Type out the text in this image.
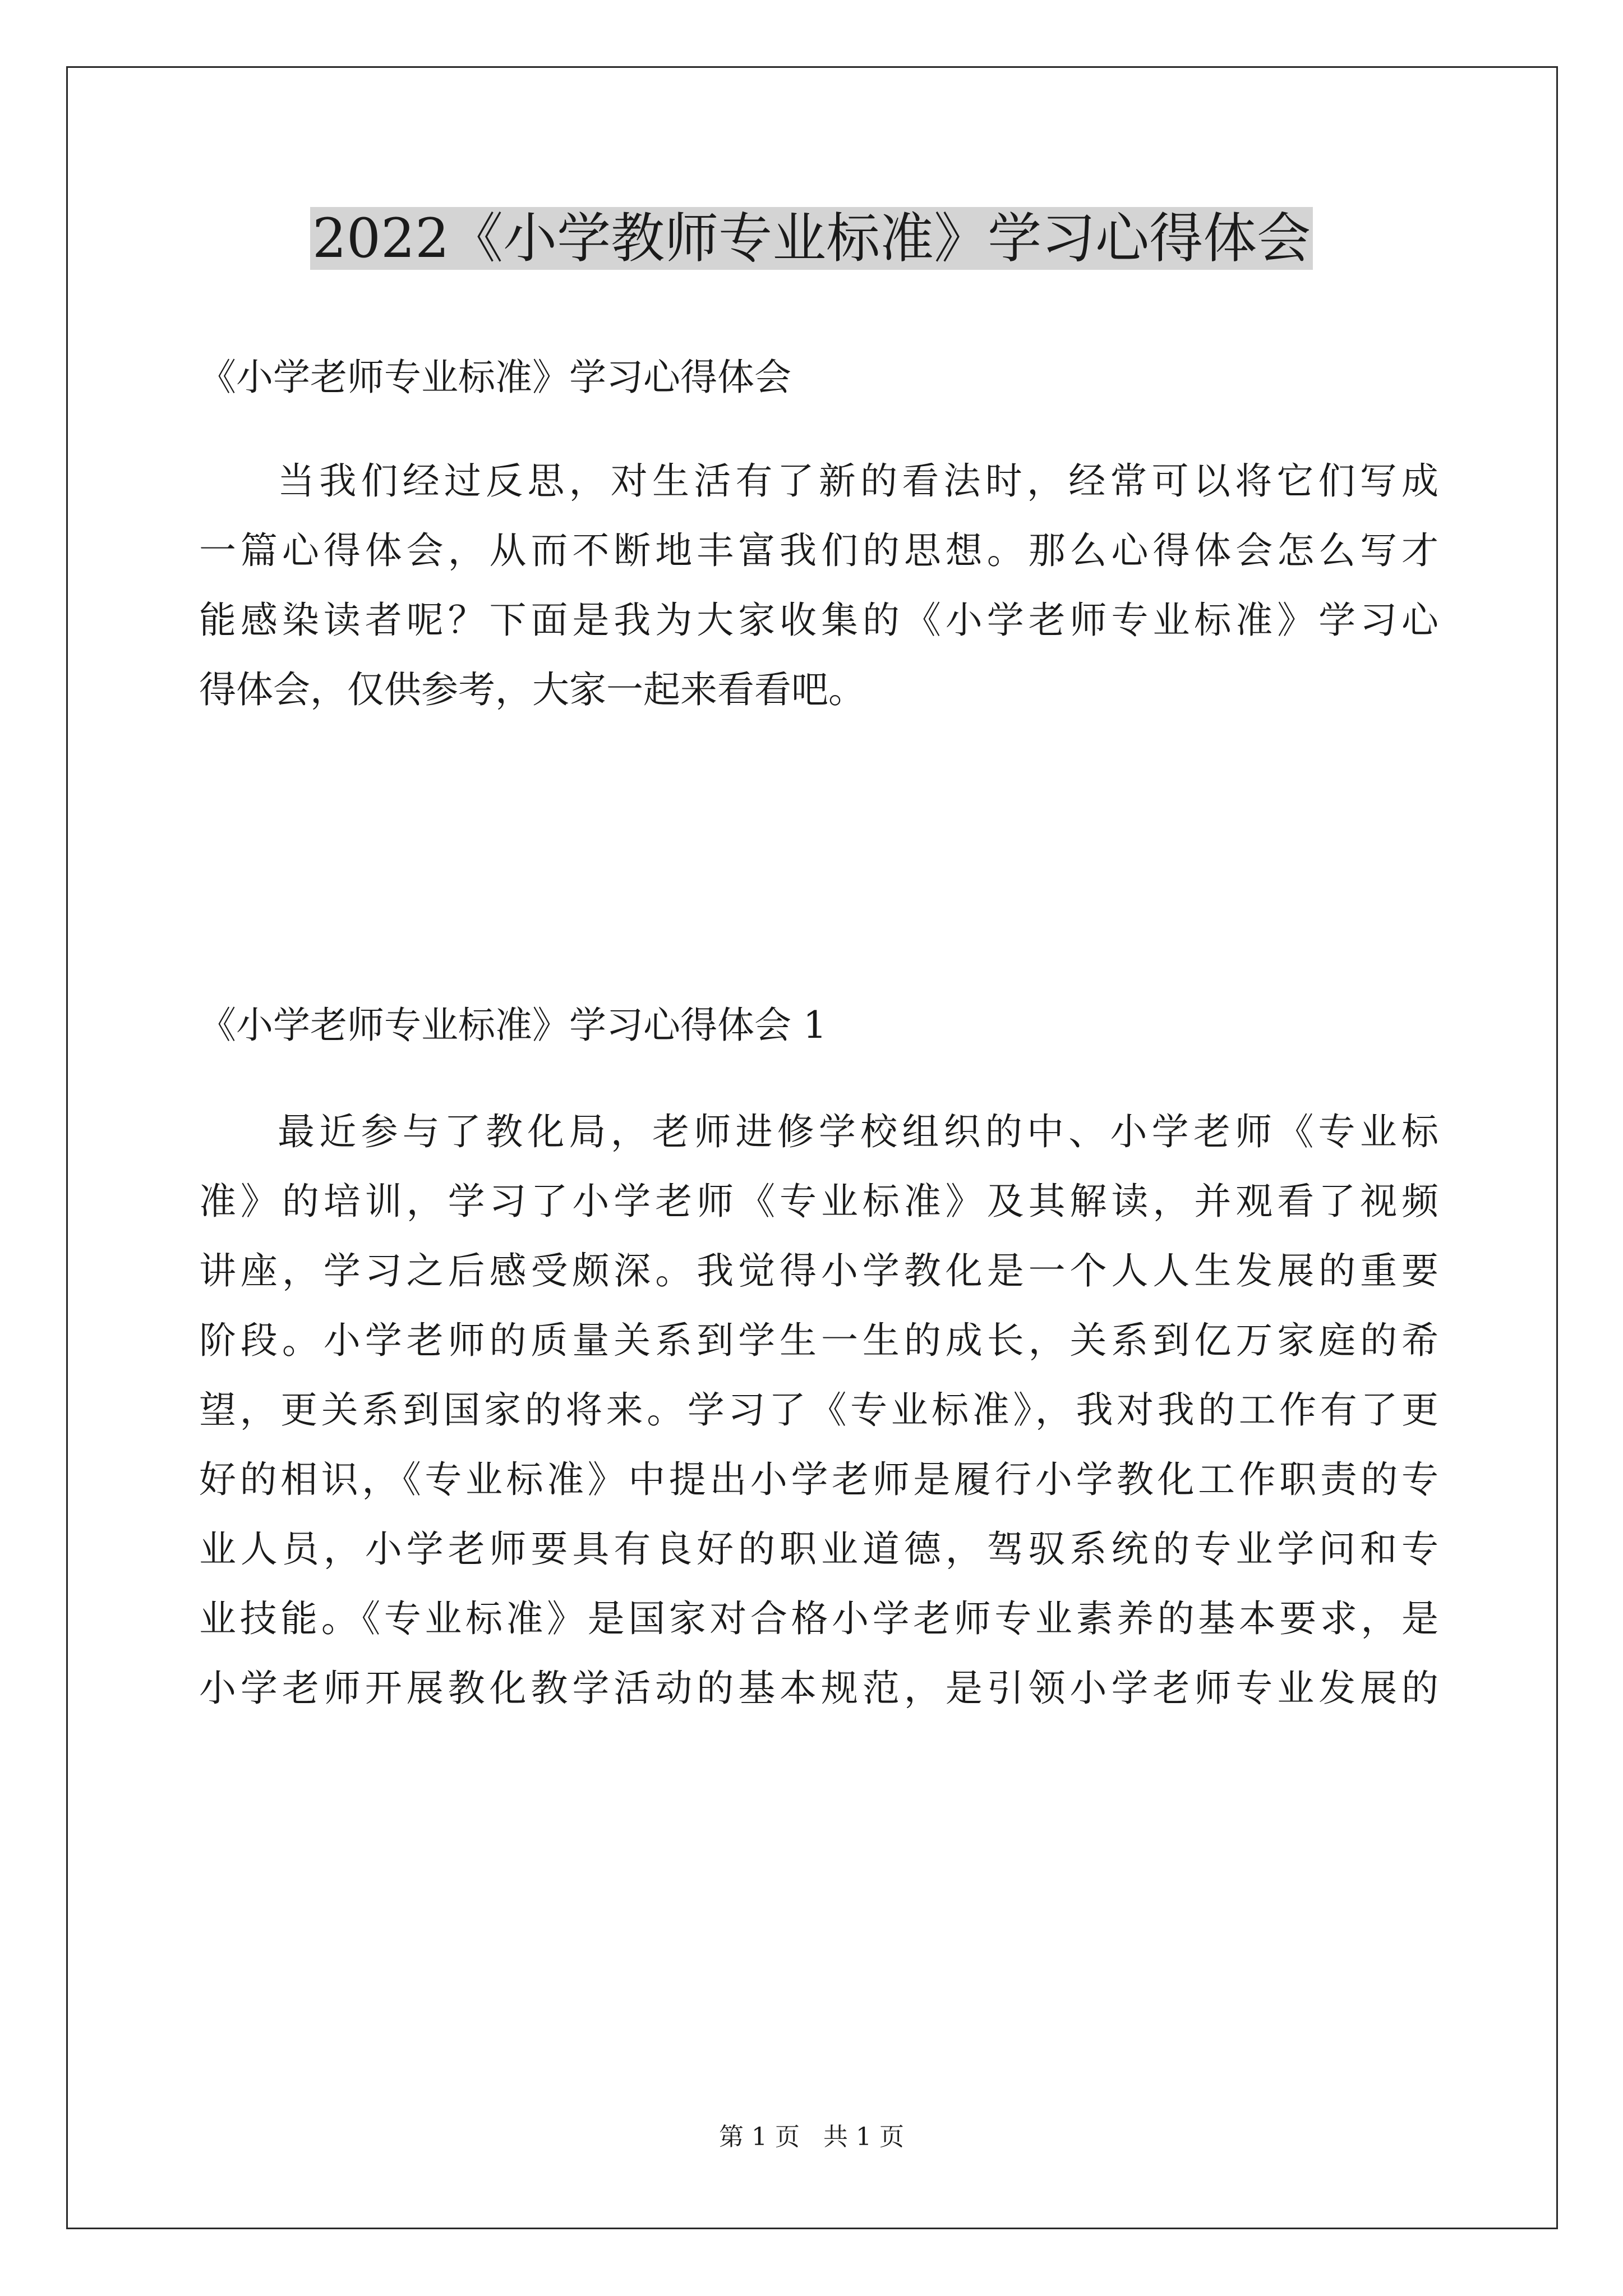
2022《小学教师专业标准》学习心得体会

《小学老师专业标准》学习心得体会

当我们经过反思，对生活有了新的看法时，经常可以将它们写成
一篇心得体会，从而不断地丰富我们的思想。那么心得体会怎么写才
能感染读者呢？下面是我为大家收集的《小学老师专业标准》学习心
得体会，仅供参考，大家一起来看看吧。

《小学老师专业标准》学习心得体会 1

最近参与了教化局，老师进修学校组织的中、小学老师《专业标
准》的培训，学习了小学老师《专业标准》及其解读，并观看了视频
讲座，学习之后感受颇深。我觉得小学教化是一个人人生发展的重要
阶段。小学老师的质量关系到学生一生的成长，关系到亿万家庭的希
望，更关系到国家的将来。学习了《专业标准》，我对我的工作有了更
好的相识，《专业标准》中提出小学老师是履行小学教化工作职责的专
业人员，小学老师要具有良好的职业道德，驾驭系统的专业学问和专
业技能。《专业标准》是国家对合格小学老师专业素养的基本要求，是
小学老师开展教化教学活动的基本规范，是引领小学老师专业发展的
第 1 页   共 1 页
